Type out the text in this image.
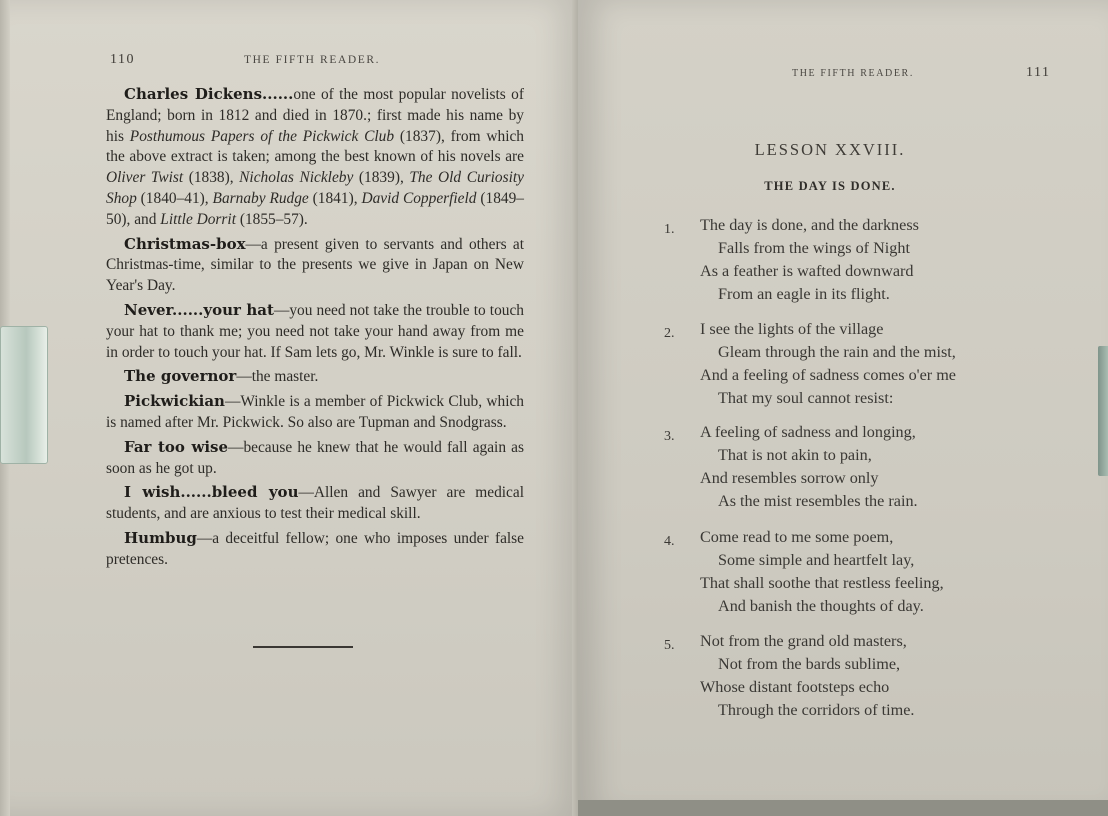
110	THE FIFTH READER.
Charles Dickens......one of the most popular novelists of England; born in 1812 and died in 1870.; first made his name by his Posthumous Papers of the Pickwick Club (1837), from which the above extract is taken; among the best known of his novels are Oliver Twist (1838), Nicholas Nickleby (1839), The Old Curiosity Shop (1840–41), Barnaby Rudge (1841), David Copperfield (1849–50), and Little Dorrit (1855–57).
Christmas-box—a present given to servants and others at Christmas-time, similar to the presents we give in Japan on New Year's Day.
Never......your hat—you need not take the trouble to touch your hat to thank me; you need not take your hand away from me in order to touch your hat. If Sam lets go, Mr. Winkle is sure to fall.
The governor—the master.
Pickwickian—Winkle is a member of Pickwick Club, which is named after Mr. Pickwick. So also are Tupman and Snodgrass.
Far too wise—because he knew that he would fall again as soon as he got up.
I wish......bleed you—Allen and Sawyer are medical students, and are anxious to test their medical skill.
Humbug—a deceitful fellow; one who imposes under false pretences.
THE FIFTH READER.	111
LESSON XXVIII.
THE DAY IS DONE.
1.	The day is done, and the darkness
Falls from the wings of Night
As a feather is wafted downward
From an eagle in its flight.
2.	I see the lights of the village
Gleam through the rain and the mist,
And a feeling of sadness comes o'er me
That my soul cannot resist:
3.	A feeling of sadness and longing,
That is not akin to pain,
And resembles sorrow only
As the mist resembles the rain.
4.	Come read to me some poem,
Some simple and heartfelt lay,
That shall soothe that restless feeling,
And banish the thoughts of day.
5.	Not from the grand old masters,
Not from the bards sublime,
Whose distant footsteps echo
Through the corridors of time.
